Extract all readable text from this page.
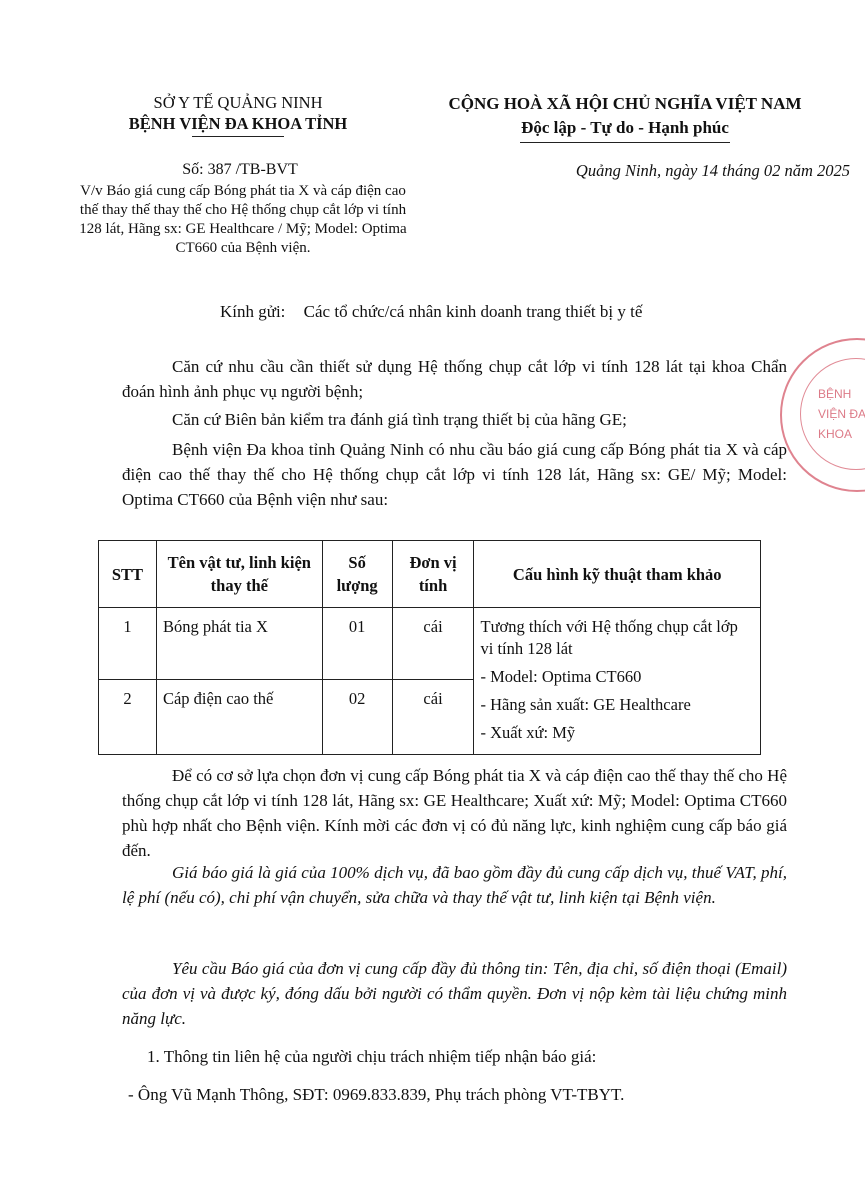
SỞ Y TẾ QUẢNG NINH
BỆNH VIỆN ĐA KHOA TỈNH
CỘNG HOÀ XÃ HỘI CHỦ NGHĨA VIỆT NAM
Độc lập - Tự do - Hạnh phúc
Số: 387 /TB-BVT
V/v Báo giá cung cấp Bóng phát tia X và cáp điện cao thế thay thế thay thế cho Hệ thống chụp cắt lớp vi tính 128 lát, Hãng sx: GE Healthcare / Mỹ; Model: Optima CT660 của Bệnh viện.
Quảng Ninh, ngày 14 tháng 02 năm 2025
Kính gửi: Các tổ chức/cá nhân kinh doanh trang thiết bị y tế
Căn cứ nhu cầu cần thiết sử dụng Hệ thống chụp cắt lớp vi tính 128 lát tại khoa Chẩn đoán hình ảnh phục vụ người bệnh;
Căn cứ Biên bản kiểm tra đánh giá tình trạng thiết bị của hãng GE;
Bệnh viện Đa khoa tỉnh Quảng Ninh có nhu cầu báo giá cung cấp Bóng phát tia X và cáp điện cao thế thay thế cho Hệ thống chụp cắt lớp vi tính 128 lát, Hãng sx: GE/ Mỹ; Model: Optima CT660 của Bệnh viện như sau:
STT	Tên vật tư, linh kiện thay thế	Số lượng	Đơn vị tính	Cấu hình kỹ thuật tham khảo
1	Bóng phát tia X	01	cái	Tương thích với Hệ thống chụp cắt lớp vi tính 128 lát
- Model: Optima CT660
- Hãng sản xuất: GE Healthcare
- Xuất xứ: Mỹ

2	Cáp điện cao thế	02	cái	
Để có cơ sở lựa chọn đơn vị cung cấp Bóng phát tia X và cáp điện cao thế thay thế cho Hệ thống chụp cắt lớp vi tính 128 lát, Hãng sx: GE Healthcare; Xuất xứ: Mỹ; Model: Optima CT660 phù hợp nhất cho Bệnh viện. Kính mời các đơn vị có đủ năng lực, kinh nghiệm cung cấp báo giá đến.
Giá báo giá là giá của 100% dịch vụ, đã bao gồm đầy đủ cung cấp dịch vụ, thuế VAT, phí, lệ phí (nếu có), chi phí vận chuyển, sửa chữa và thay thế vật tư, linh kiện tại Bệnh viện.
Yêu cầu Báo giá của đơn vị cung cấp đầy đủ thông tin: Tên, địa chỉ, số điện thoại (Email) của đơn vị và được ký, đóng dấu bởi người có thẩm quyền. Đơn vị nộp kèm tài liệu chứng minh năng lực.
1. Thông tin liên hệ của người chịu trách nhiệm tiếp nhận báo giá:
- Ông Vũ Mạnh Thông, SĐT: 0969.833.839, Phụ trách phòng VT-TBYT.
BỆNH VIỆN ĐA KHOA
